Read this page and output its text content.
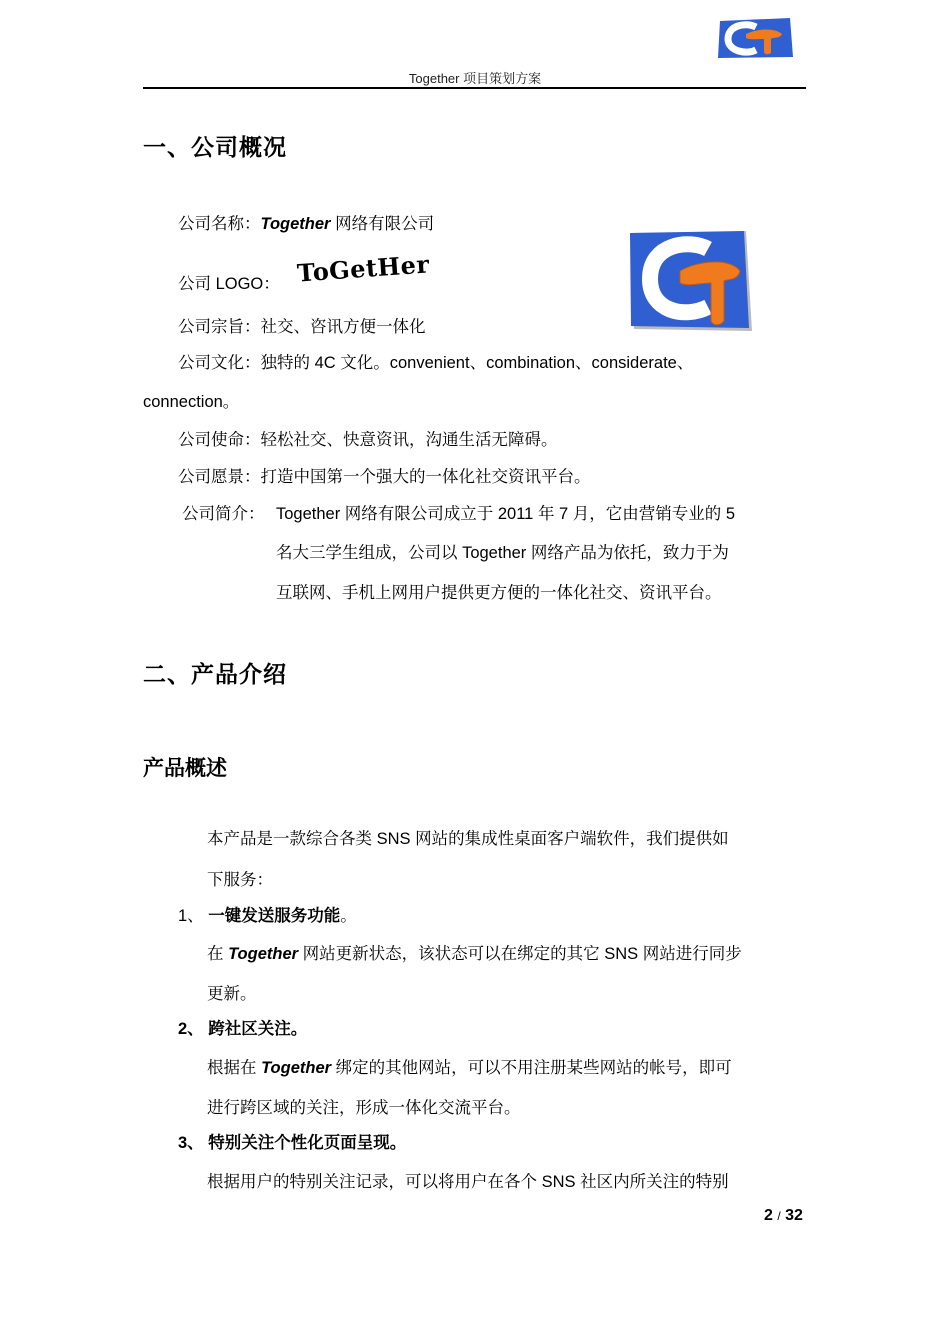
Together 项目策划方案
一、公司概况
公司名称：Together 网络有限公司
公司 LOGO： ToGetHer
公司宗旨：社交、咨讯方便一体化
公司文化：独特的 4C 文化。convenient、combination、considerate、
connection。
公司使命：轻松社交、快意资讯，沟通生活无障碍。
公司愿景：打造中国第一个强大的一体化社交资讯平台。
公司简介： Together 网络有限公司成立于 2011 年 7 月，它由营销专业的 5
名大三学生组成，公司以 Together 网络产品为依托，致力于为
互联网、手机上网用户提供更方便的一体化社交、资讯平台。
二、产品介绍
产品概述
本产品是一款综合各类 SNS 网站的集成性桌面客户端软件，我们提供如
下服务：
1、 一键发送服务功能。
在 Together 网站更新状态，该状态可以在绑定的其它 SNS 网站进行同步
更新。
2、 跨社区关注。
根据在 Together 绑定的其他网站，可以不用注册某些网站的帐号，即可
进行跨区域的关注，形成一体化交流平台。
3、 特别关注个性化页面呈现。
根据用户的特别关注记录，可以将用户在各个 SNS 社区内所关注的特别
2 / 32
